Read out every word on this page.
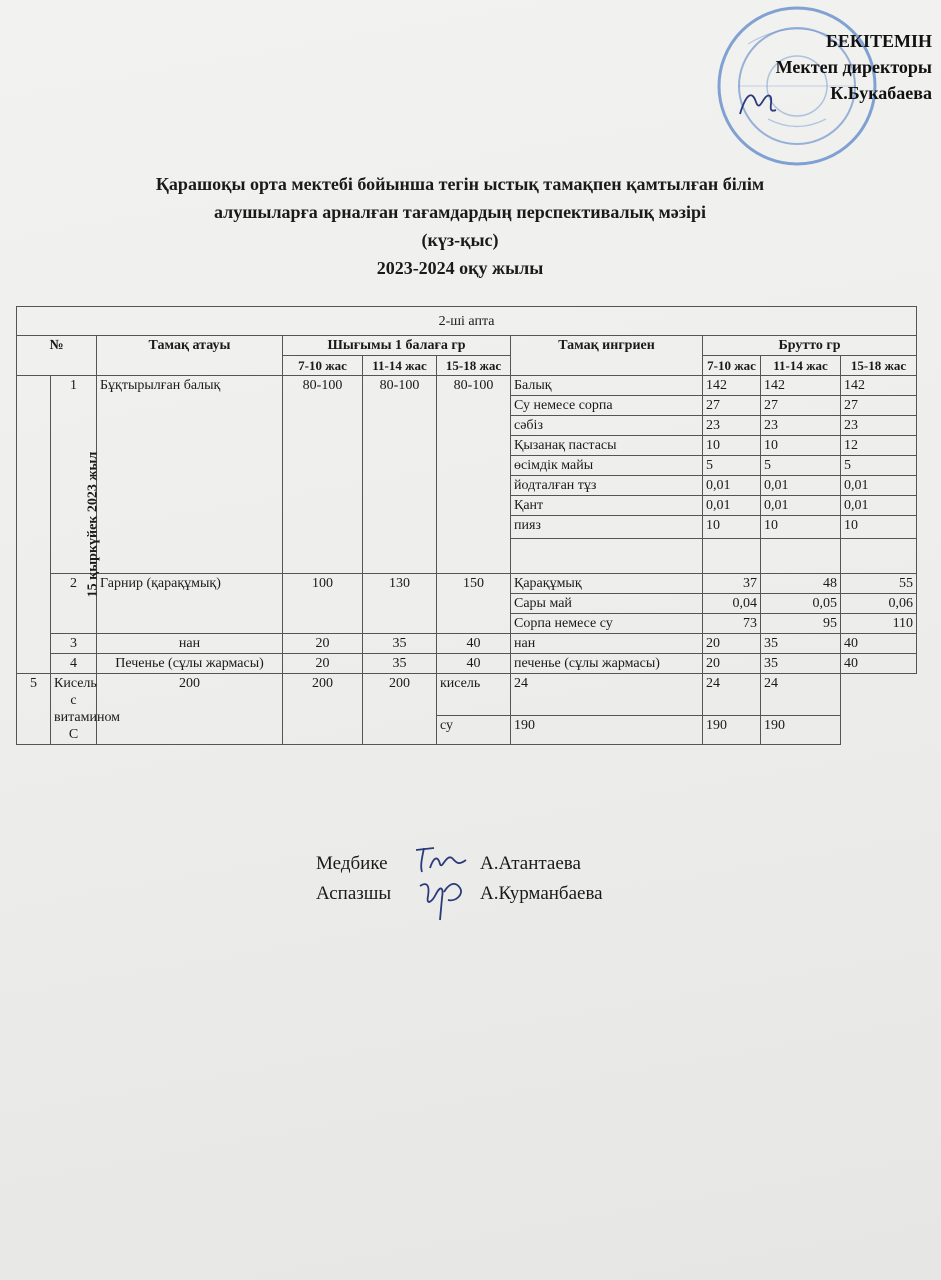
БЕКІТЕМІН
Мектеп директоры
К.Букабаева
Қарашоқы орта мектебі бойынша тегін ыстық тамақпен қамтылған білім
алушыларға арналған тағамдардың перспективалық мәзірі
(күз-қыс)
2023-2024 оқу жылы
2-ші апта									
№		Тамақ атауы	Шығымы 1 балаға гр			Тамақ ингриен	Брутто гр		
			7-10 жас	11-14 жас	15-18 жас		7-10 жас	11-14 жас	15-18 жас
15 қыркүйек 2023 жыл	1	Бұқтырылған балық	80-100	80-100	80-100	Балық	142	142	142
						Су немесе сорпа	27	27	27
						сәбіз	23	23	23
						Қызанақ пастасы	10	10	12
						өсімдік майы	5	5	5
						йодталған тұз	0,01	0,01	0,01
						Қант	0,01	0,01	0,01
						пияз	10	10	10

	2	Гарнир (қарақұмық)	100	130	150	Қарақұмық	37	48	55
						Сары май	0,04	0,05	0,06
						Сорпа немесе су	73	95	110
	3	нан	20	35	40	нан	20	35	40
	4	Печенье (сұлы жармасы)	20	35	40	печенье (сұлы жармасы)	20	35	40
5	Кисель с витамином С	200	200	200	кисель	24	24	24	
					су	190	190	190	
Медбике	А.Атантаева
Аспазшы	А.Курманбаева
